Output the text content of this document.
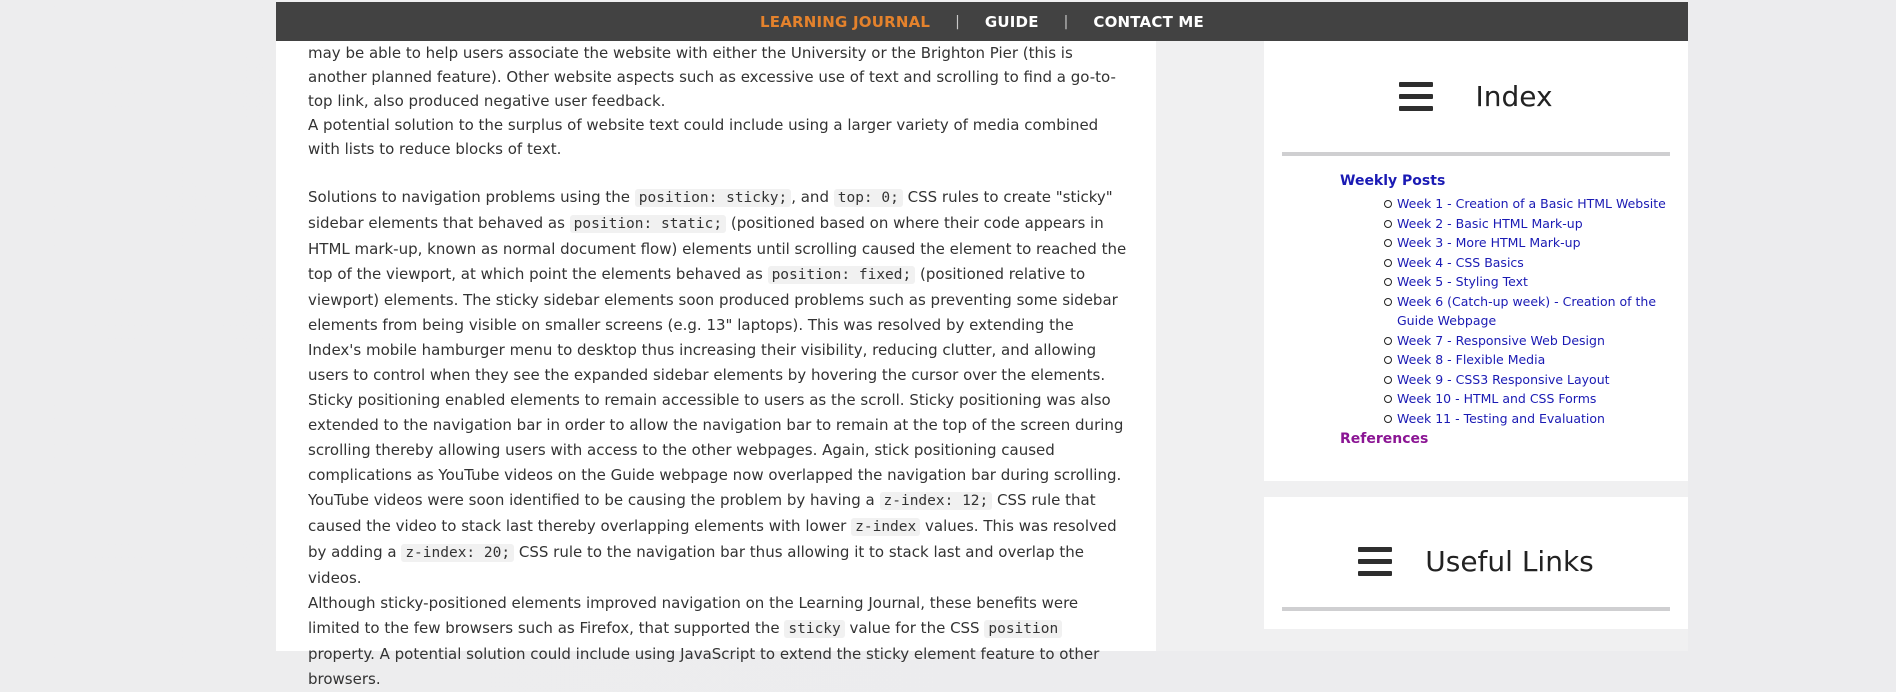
LEARNING JOURNAL | GUIDE | CONTACT ME

may be able to help users associate the website with either the University or the Brighton Pier (this is another planned feature). Other website aspects such as excessive use of text and scrolling to find a go-to-top link, also produced negative user feedback.

A potential solution to the surplus of website text could include using a larger variety of media combined with lists to reduce blocks of text.

Solutions to navigation problems using the position: sticky; , and top: 0; CSS rules to create "sticky" sidebar elements that behaved as position: static; (positioned based on where their code appears in HTML mark-up, known as normal document flow) elements until scrolling caused the element to reached the top of the viewport, at which point the elements behaved as position: fixed; (positioned relative to viewport) elements. The sticky sidebar elements soon produced problems such as preventing some sidebar elements from being visible on smaller screens (e.g. 13" laptops). This was resolved by extending the Index's mobile hamburger menu to desktop thus increasing their visibility, reducing clutter, and allowing users to control when they see the expanded sidebar elements by hovering the cursor over the elements.

Sticky positioning enabled elements to remain accessible to users as the scroll. Sticky positioning was also extended to the navigation bar in order to allow the navigation bar to remain at the top of the screen during scrolling thereby allowing users with access to the other webpages. Again, stick positioning caused complications as YouTube videos on the Guide webpage now overlapped the navigation bar during scrolling. YouTube videos were soon identified to be causing the problem by having a z-index: 12; CSS rule that caused the video to stack last thereby overlapping elements with lower z-index values. This was resolved by adding a z-index: 20; CSS rule to the navigation bar thus allowing it to stack last and overlap the videos.

Although sticky-positioned elements improved navigation on the Learning Journal, these benefits were limited to the few browsers such as Firefox, that supported the sticky value for the CSS position property. A potential solution could include using JavaScript to extend the sticky element feature to other browsers.

Index
Weekly Posts
Week 1 - Creation of a Basic HTML Website
Week 2 - Basic HTML Mark-up
Week 3 - More HTML Mark-up
Week 4 - CSS Basics
Week 5 - Styling Text
Week 6 (Catch-up week) - Creation of the Guide Webpage
Week 7 - Responsive Web Design
Week 8 - Flexible Media
Week 9 - CSS3 Responsive Layout
Week 10 - HTML and CSS Forms
Week 11 - Testing and Evaluation
References
Useful Links
